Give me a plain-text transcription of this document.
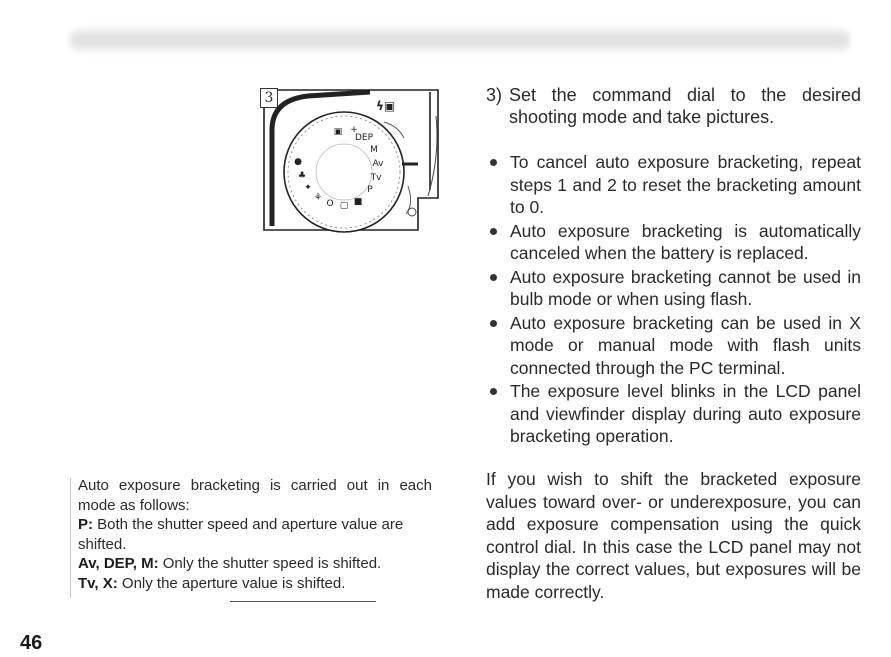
▣ +
DEP
M
Av
Tv
P
■
▢
O
⚘
✦
♣
●
ϟ▣
3	3) Set the command dial to the desired shooting mode and take pictures.
To cancel auto exposure bracketing, repeat steps 1 and 2 to reset the bracketing amount to 0.
Auto exposure bracketing is automatically canceled when the battery is replaced.
Auto exposure bracketing cannot be used in bulb mode or when using flash.
Auto exposure bracketing can be used in X mode or manual mode with flash units connected through the PC terminal.
The exposure level blinks in the LCD panel and viewfinder display during auto exposure bracketing operation.

If you wish to shift the bracketed exposure values toward over- or underexposure, you can add exposure compensation using the quick control dial. In this case the LCD panel may not display the correct values, but exposures will be made correctly.

Auto exposure bracketing is carried out in each mode as follows:

P: Both the shutter speed and aperture value are shifted.

Av, DEP, M: Only the shutter speed is shifted.

Tv, X: Only the aperture value is shifted.

46
